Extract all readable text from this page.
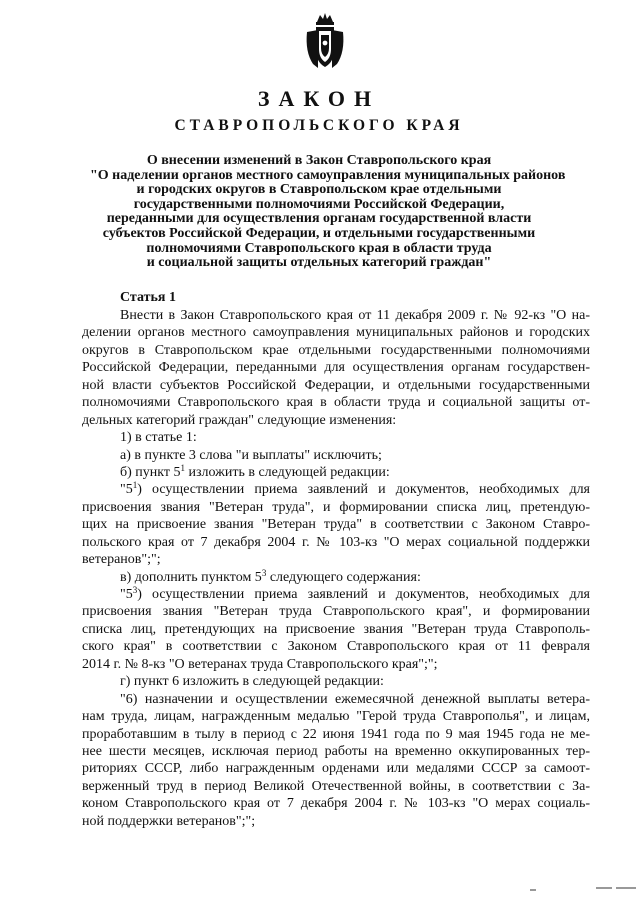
ЗАКОН
СТАВРОПОЛЬСКОГО КРАЯ
О внесении изменений в Закон Ставропольского края
"О наделении органов местного самоуправления муниципальных районов
и городских округов в Ставропольском крае отдельными
государственными полномочиями Российской Федерации,
переданными для осуществления органам государственной власти
субъектов Российской Федерации, и отдельными государственными
полномочиями Ставропольского края в области труда
и социальной защиты отдельных категорий граждан"
Статья 1
Внести в Закон Ставропольского края от 11 декабря 2009 г. № 92-кз "О на-
делении органов местного самоуправления муниципальных районов и городских
округов в Ставропольском крае отдельными государственными полномочиями
Российской Федерации, переданными для осуществления органам государствен-
ной власти субъектов Российской Федерации, и отдельными государственными
полномочиями Ставропольского края в области труда и социальной защиты от-
дельных категорий граждан" следующие изменения:
1) в статье 1:
а) в пункте 3 слова "и выплаты" исключить;
б) пункт $5^1$ изложить в следующей редакции:
"$5^1$) осуществлении приема заявлений и документов, необходимых для
присвоения звания "Ветеран труда", и формировании списка лиц, претендую-
щих на присвоение звания "Ветеран труда" в соответствии с Законом Ставро-
польского края от 7 декабря 2004 г. № 103-кз "О мерах социальной поддержки
ветеранов";";
в) дополнить пунктом $5^3$ следующего содержания:
"$5^3$) осуществлении приема заявлений и документов, необходимых для
присвоения звания "Ветеран труда Ставропольского края", и формировании
списка лиц, претендующих на присвоение звания "Ветеран труда Ставрополь-
ского края" в соответствии с Законом Ставропольского края от 11 февраля
2014 г. № 8-кз "О ветеранах труда Ставропольского края";";
г) пункт 6 изложить в следующей редакции:
"6) назначении и осуществлении ежемесячной денежной выплаты ветера-
нам труда, лицам, награжденным медалью "Герой труда Ставрополья", и лицам,
проработавшим в тылу в период с 22 июня 1941 года по 9 мая 1945 года не ме-
нее шести месяцев, исключая период работы на временно оккупированных тер-
риториях СССР, либо награжденным орденами или медалями СССР за самоот-
верженный труд в период Великой Отечественной войны, в соответствии с За-
коном Ставропольского края от 7 декабря 2004 г. № 103-кз "О мерах социаль-
ной поддержки ветеранов";";
